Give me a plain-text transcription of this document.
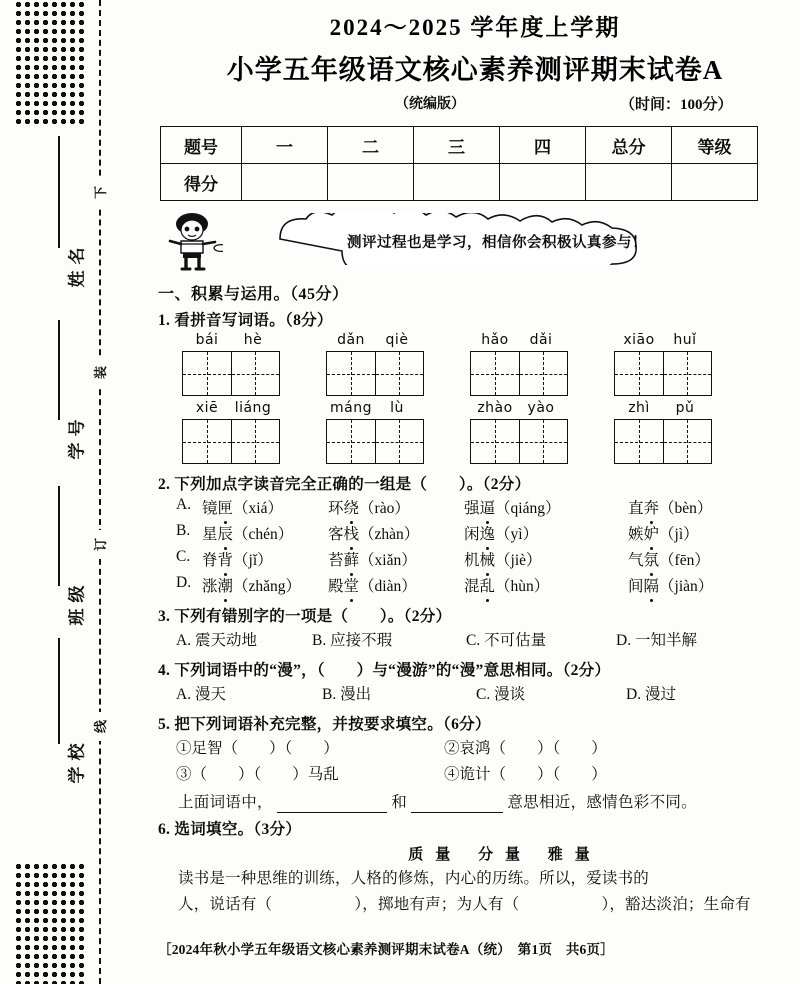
姓名
学号
班级
学校
下
装
订
线
2024～2025 学年度上学期
小学五年级语文核心素养测评期末试卷A
（统编版）	（时间：100分）
题号	一	二	三	四	总分	等级
得分						
测评过程也是学习，相信你会积极认真参与！
一、积累与运用。（45分）
1. 看拼音写词语。（8分）
bái hè	dǎn qiè	hǎo dǎi	xiāo huǐ
xiē liáng	máng lù	zhào yào	zhì pǔ
2. 下列加点字读音完全正确的一组是（　　）。（2分）
A. 镜匣（xiá）	环绕（rào）	强逼（qiáng）	直奔（bèn）
B. 星辰（chén） 客栈（zhàn）	闲逸（yì）	嫉妒（jì）
C. 脊背（jǐ）	苔藓（xiǎn）	机械（jiè）	气氛（fēn）
D. 涨潮（zhǎng） 殿堂（diàn）	混乱（hùn）	间隔（jiàn）
3. 下列有错别字的一项是（　　）。（2分）
A. 震天动地	B. 应接不瑕	C. 不可估量	D. 一知半解
4. 下列词语中的“漫”，（　　）与“漫游”的“漫”意思相同。（2分）
A. 漫天	B. 漫出	C. 漫谈	D. 漫过
5. 把下列词语补充完整，并按要求填空。（6分）
①足智（　　）（　　）	②哀鸿（　　）（　　）
③（　　）（　　）马乱	④诡计（　　）（　　）
上面词语中，	和	意思相近，感情色彩不同。
6. 选词填空。（3分）
质量 分量 雅量
读书是一种思维的训练，人格的修炼，内心的历练。所以，爱读书的
人，说话有（	），掷地有声；为人有（	），豁达淡泊；生命有
［2024年秋小学五年级语文核心素养测评期末试卷A（统）　第1页　共6页］
